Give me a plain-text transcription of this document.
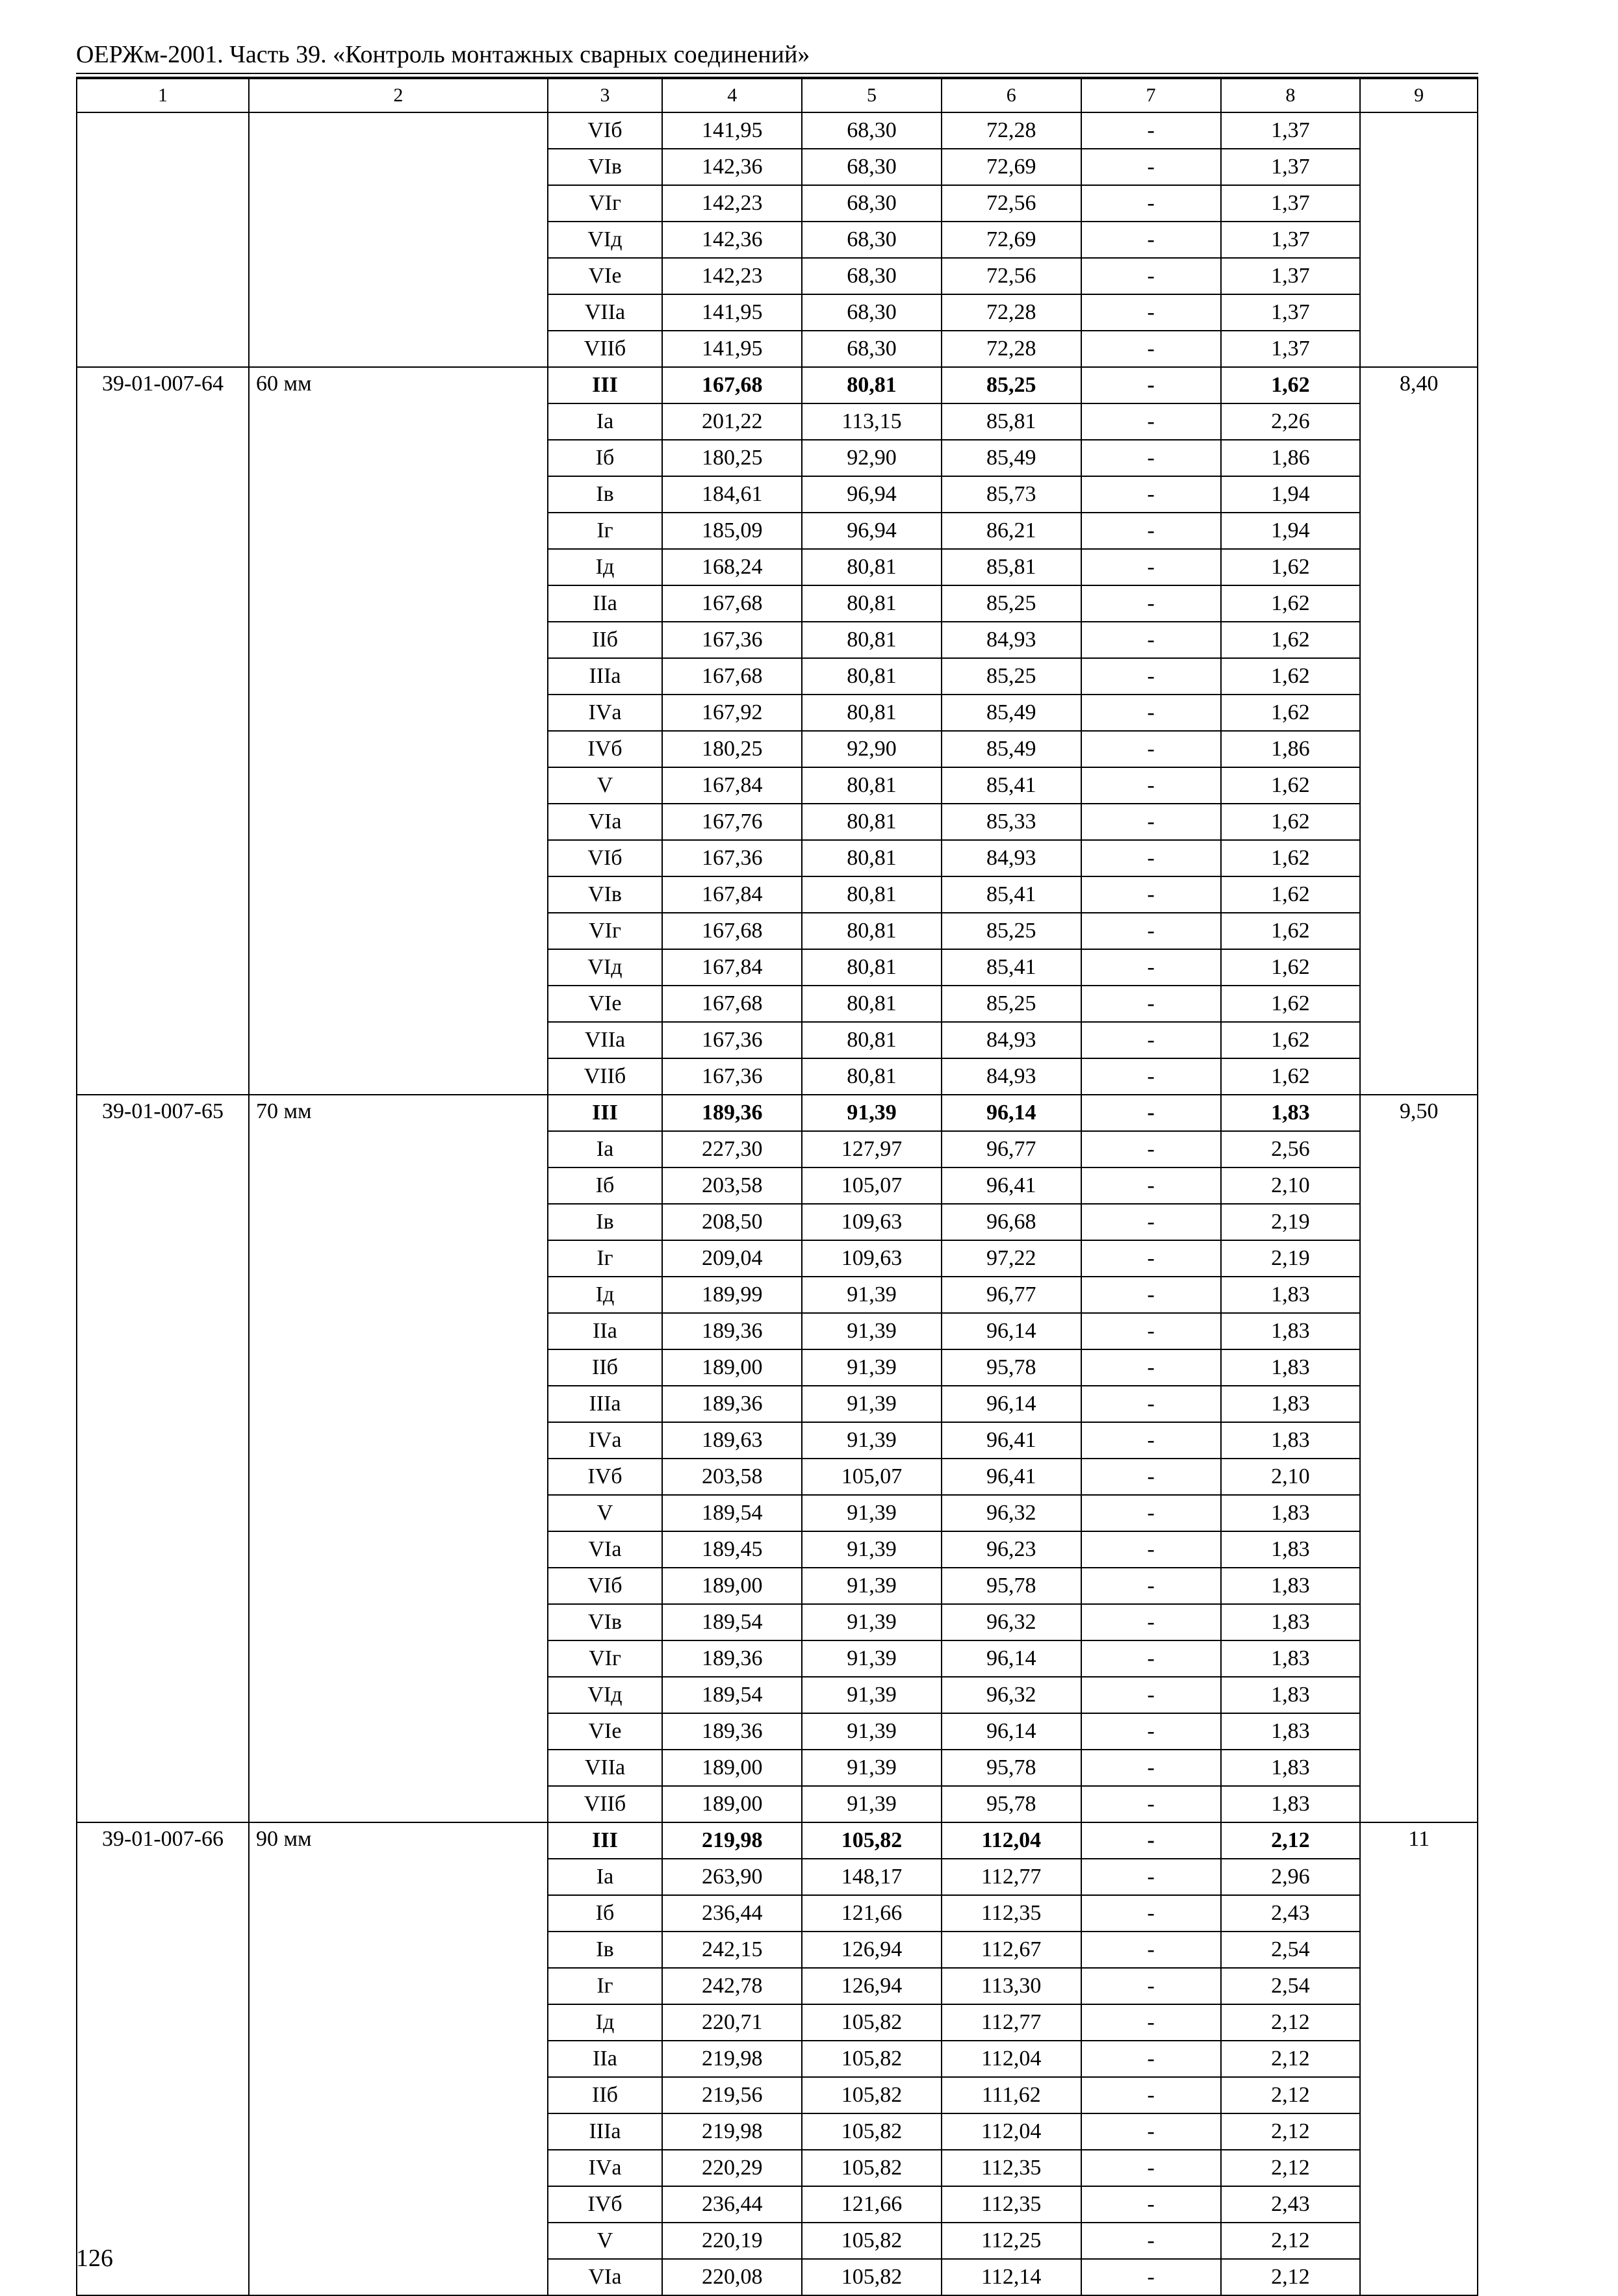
ОЕРЖм-2001. Часть 39. «Контроль монтажных сварных соединений»
1	2	3	4	5	6	7	8	9
		VIб	141,95	68,30	72,28	-	1,37	
		VIв	142,36	68,30	72,69	-	1,37	
		VIг	142,23	68,30	72,56	-	1,37	
		VIд	142,36	68,30	72,69	-	1,37	
		VIе	142,23	68,30	72,56	-	1,37	
		VIIа	141,95	68,30	72,28	-	1,37	
		VIIб	141,95	68,30	72,28	-	1,37	
39-01-007-64	60 мм	III	167,68	80,81	85,25	-	1,62	8,40
		Iа	201,22	113,15	85,81	-	2,26	
		Iб	180,25	92,90	85,49	-	1,86	
		Iв	184,61	96,94	85,73	-	1,94	
		Iг	185,09	96,94	86,21	-	1,94	
		Iд	168,24	80,81	85,81	-	1,62	
		IIа	167,68	80,81	85,25	-	1,62	
		IIб	167,36	80,81	84,93	-	1,62	
		IIIа	167,68	80,81	85,25	-	1,62	
		IVа	167,92	80,81	85,49	-	1,62	
		IVб	180,25	92,90	85,49	-	1,86	
		V	167,84	80,81	85,41	-	1,62	
		VIа	167,76	80,81	85,33	-	1,62	
		VIб	167,36	80,81	84,93	-	1,62	
		VIв	167,84	80,81	85,41	-	1,62	
		VIг	167,68	80,81	85,25	-	1,62	
		VIд	167,84	80,81	85,41	-	1,62	
		VIе	167,68	80,81	85,25	-	1,62	
		VIIа	167,36	80,81	84,93	-	1,62	
		VIIб	167,36	80,81	84,93	-	1,62	
39-01-007-65	70 мм	III	189,36	91,39	96,14	-	1,83	9,50
		Iа	227,30	127,97	96,77	-	2,56	
		Iб	203,58	105,07	96,41	-	2,10	
		Iв	208,50	109,63	96,68	-	2,19	
		Iг	209,04	109,63	97,22	-	2,19	
		Iд	189,99	91,39	96,77	-	1,83	
		IIа	189,36	91,39	96,14	-	1,83	
		IIб	189,00	91,39	95,78	-	1,83	
		IIIа	189,36	91,39	96,14	-	1,83	
		IVа	189,63	91,39	96,41	-	1,83	
		IVб	203,58	105,07	96,41	-	2,10	
		V	189,54	91,39	96,32	-	1,83	
		VIа	189,45	91,39	96,23	-	1,83	
		VIб	189,00	91,39	95,78	-	1,83	
		VIв	189,54	91,39	96,32	-	1,83	
		VIг	189,36	91,39	96,14	-	1,83	
		VIд	189,54	91,39	96,32	-	1,83	
		VIе	189,36	91,39	96,14	-	1,83	
		VIIа	189,00	91,39	95,78	-	1,83	
		VIIб	189,00	91,39	95,78	-	1,83	
39-01-007-66	90 мм	III	219,98	105,82	112,04	-	2,12	11
		Iа	263,90	148,17	112,77	-	2,96	
		Iб	236,44	121,66	112,35	-	2,43	
		Iв	242,15	126,94	112,67	-	2,54	
		Iг	242,78	126,94	113,30	-	2,54	
		Iд	220,71	105,82	112,77	-	2,12	
		IIа	219,98	105,82	112,04	-	2,12	
		IIб	219,56	105,82	111,62	-	2,12	
		IIIа	219,98	105,82	112,04	-	2,12	
		IVа	220,29	105,82	112,35	-	2,12	
		IVб	236,44	121,66	112,35	-	2,43	
		V	220,19	105,82	112,25	-	2,12	
		VIа	220,08	105,82	112,14	-	2,12	
126
